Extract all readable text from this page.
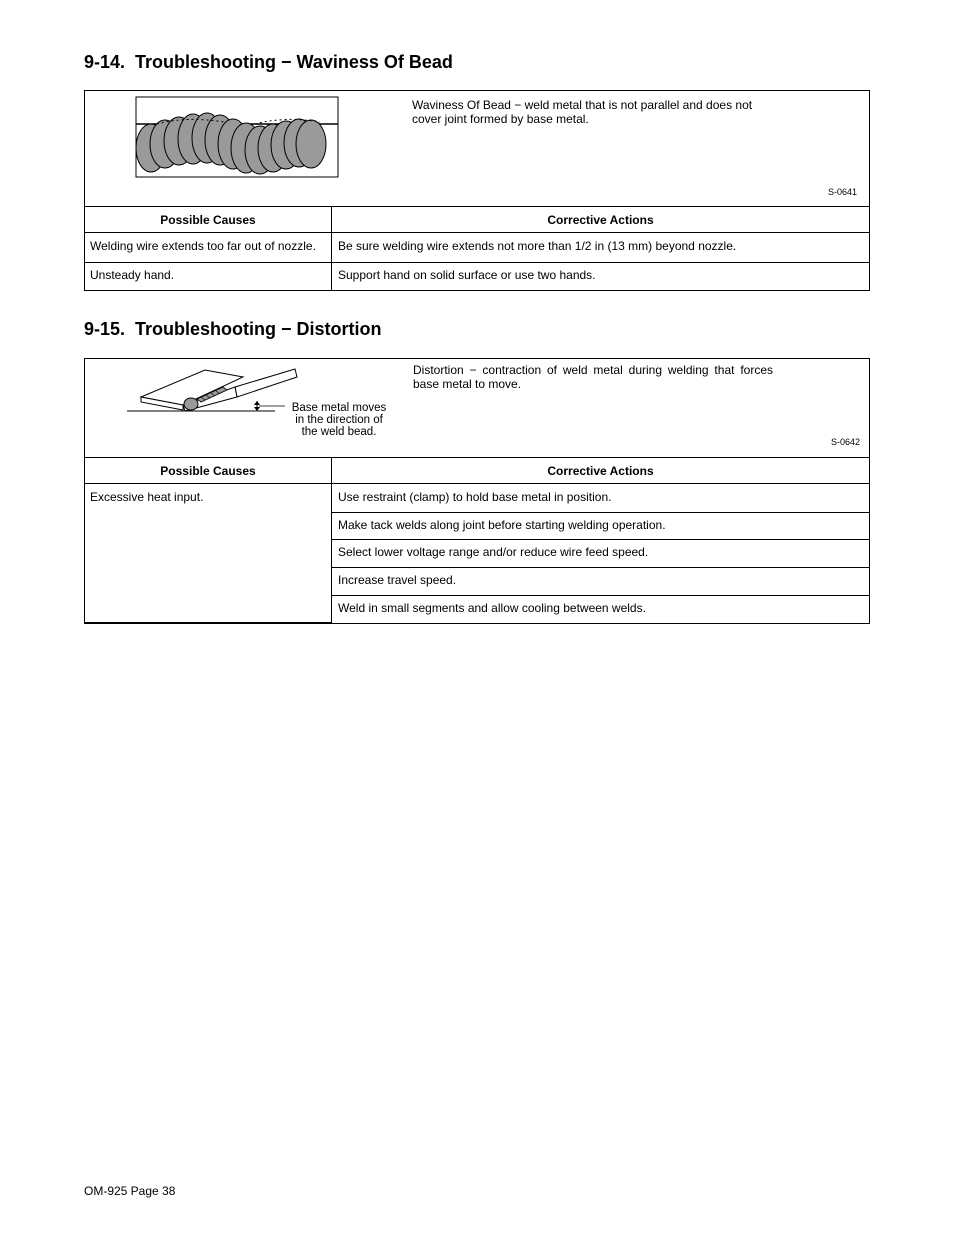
9-14. Troubleshooting − Waviness Of Bead
Waviness Of Bead − weld metal that is not parallel and does not cover joint formed by base metal.
S-0641
Possible Causes	Corrective Actions
Welding wire extends too far out of nozzle.	Be sure welding wire extends not more than 1/2 in (13 mm) beyond nozzle.
Unsteady hand.	Support hand on solid surface or use two hands.
9-15. Troubleshooting − Distortion
Base metal moves
in the direction of
the weld bead.
Distortion − contraction of weld metal during welding that forces base metal to move.
S-0642
Possible Causes	Corrective Actions
Excessive heat input.	Use restraint (clamp) to hold base metal in position.
	Make tack welds along joint before starting welding operation.
	Select lower voltage range and/or reduce wire feed speed.
	Increase travel speed.
	Weld in small segments and allow cooling between welds.
OM-925 Page 38
